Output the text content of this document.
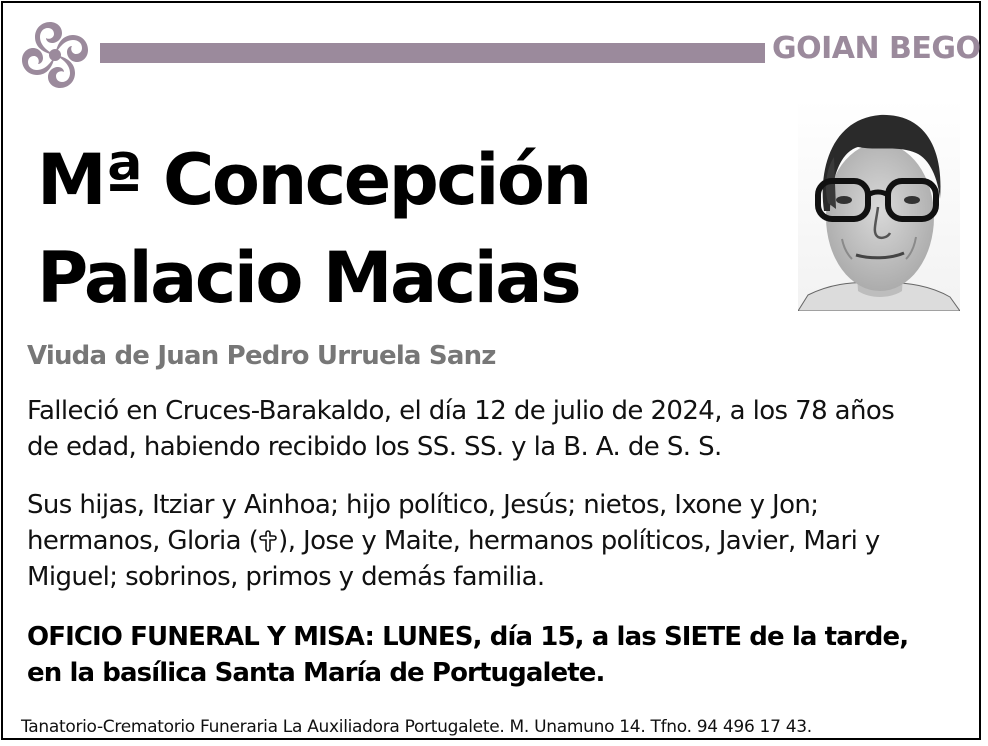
GOIAN BEGO
Mª Concepción
Palacio Macias
Viuda de Juan Pedro Urruela Sanz
Falleció en Cruces-Barakaldo, el día 12 de julio de 2024, a los 78 años
de edad, habiendo recibido los SS. SS. y la B. A. de S. S.
Sus hijas, Itziar y Ainhoa; hijo político, Jesús; nietos, Ixone y Jon;
hermanos, Gloria ( ), Jose y Maite, hermanos políticos, Javier, Mari y
Miguel; sobrinos, primos y demás familia.
OFICIO FUNERAL Y MISA: LUNES, día 15, a las SIETE de la tarde,
en la basílica Santa María de Portugalete.
Tanatorio-Crematorio Funeraria La Auxiliadora Portugalete. M. Unamuno 14. Tfno. 94 496 17 43.
